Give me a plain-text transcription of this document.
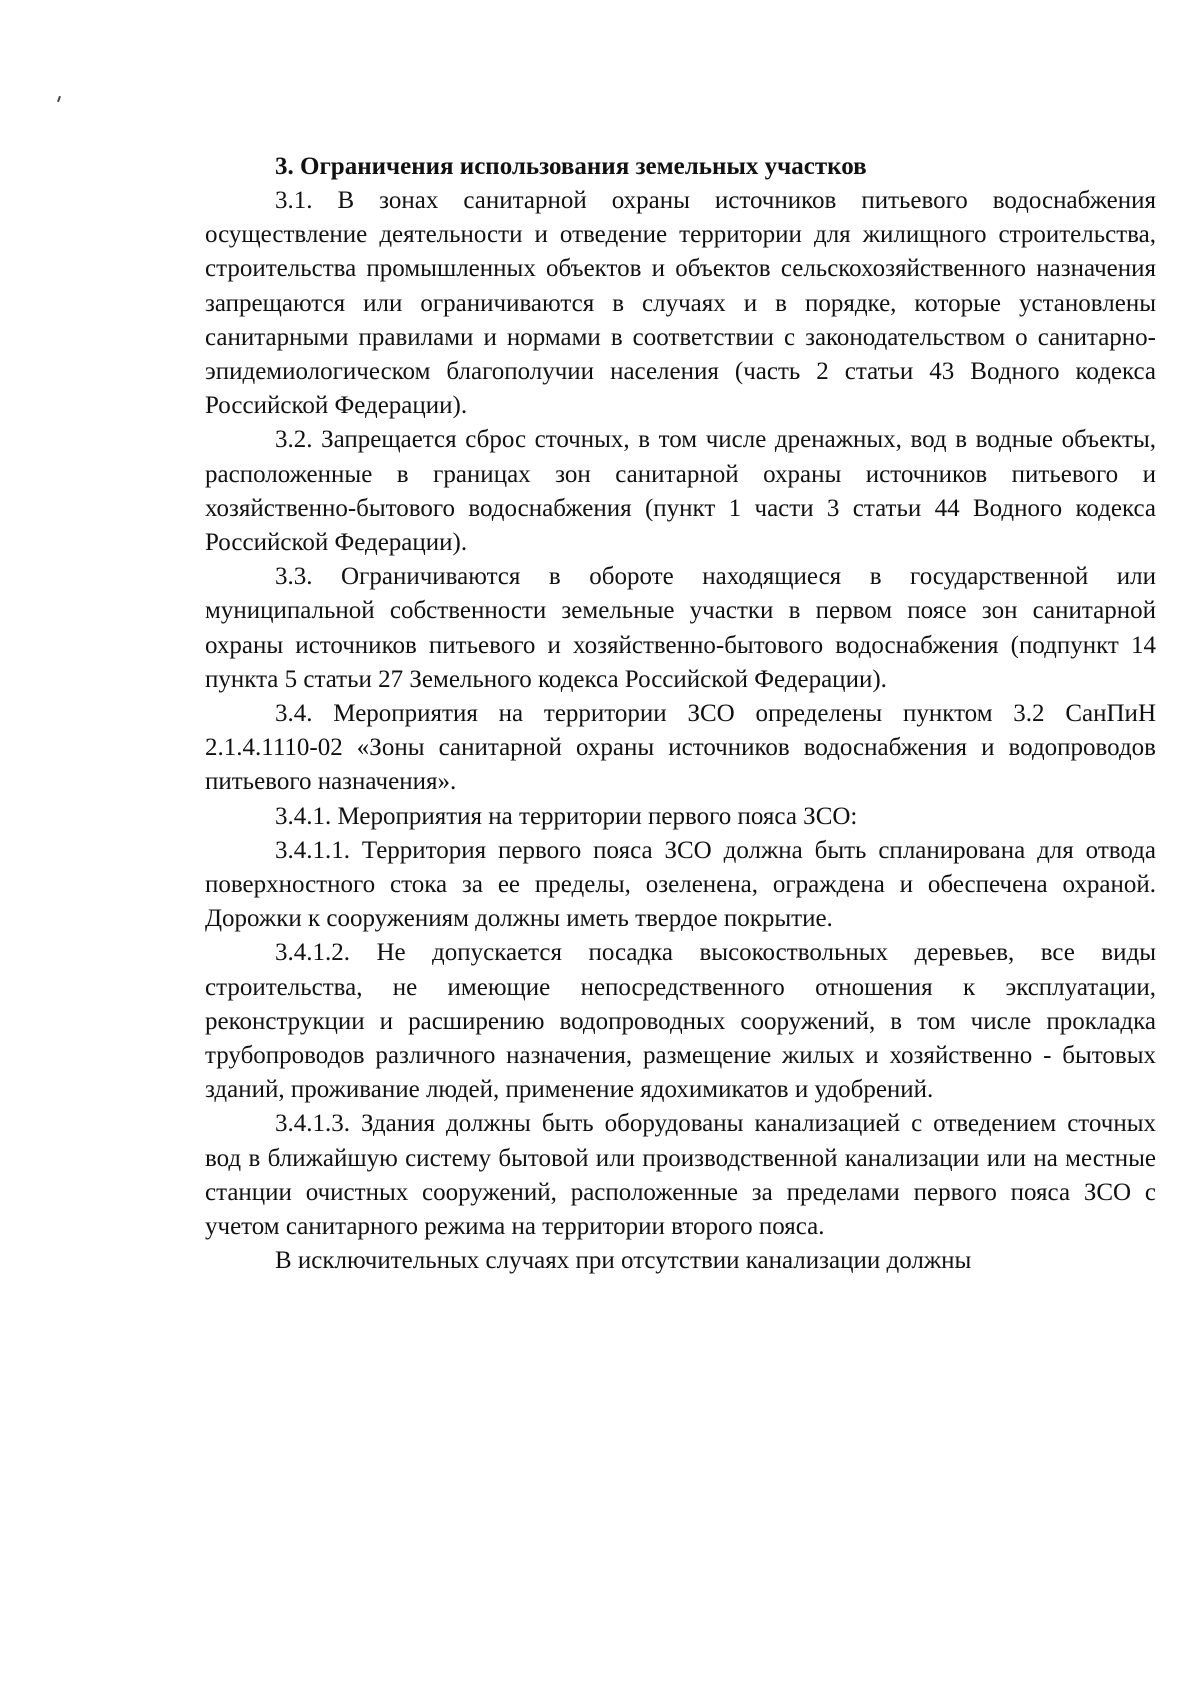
3. Ограничения использования земельных участков

3.1. В зонах санитарной охраны источников питьевого водоснабжения осуществление деятельности и отведение территории для жилищного строительства, строительства промышленных объектов и объектов сельскохозяйственного назначения запрещаются или ограничиваются в случаях и в порядке, которые установлены санитарными правилами и нормами в соответствии с законодательством о санитарно-эпидемиологическом благополучии населения (часть 2 статьи 43 Водного кодекса Российской Федерации).

3.2. Запрещается сброс сточных, в том числе дренажных, вод в водные объекты, расположенные в границах зон санитарной охраны источников питьевого и хозяйственно-бытового водоснабжения (пункт 1 части 3 статьи 44 Водного кодекса Российской Федерации).

3.3. Ограничиваются в обороте находящиеся в государственной или муниципальной собственности земельные участки в первом поясе зон санитарной охраны источников питьевого и хозяйственно-бытового водоснабжения (подпункт 14 пункта 5 статьи 27 Земельного кодекса Российской Федерации).

3.4. Мероприятия на территории ЗСО определены пунктом 3.2 СанПиН 2.1.4.1110-02 «Зоны санитарной охраны источников водоснабжения и водопроводов питьевого назначения».

3.4.1. Мероприятия на территории первого пояса ЗСО:

3.4.1.1. Территория первого пояса ЗСО должна быть спланирована для отвода поверхностного стока за ее пределы, озеленена, ограждена и обеспечена охраной. Дорожки к сооружениям должны иметь твердое покрытие.

3.4.1.2. Не допускается посадка высокоствольных деревьев, все виды строительства, не имеющие непосредственного отношения к эксплуатации, реконструкции и расширению водопроводных сооружений, в том числе прокладка трубопроводов различного назначения, размещение жилых и хозяйственно - бытовых зданий, проживание людей, применение ядохимикатов и удобрений.

3.4.1.3. Здания должны быть оборудованы канализацией с отведением сточных вод в ближайшую систему бытовой или производственной канализации или на местные станции очистных сооружений, расположенные за пределами первого пояса ЗСО с учетом санитарного режима на территории второго пояса.

В исключительных случаях при отсутствии канализации должны
